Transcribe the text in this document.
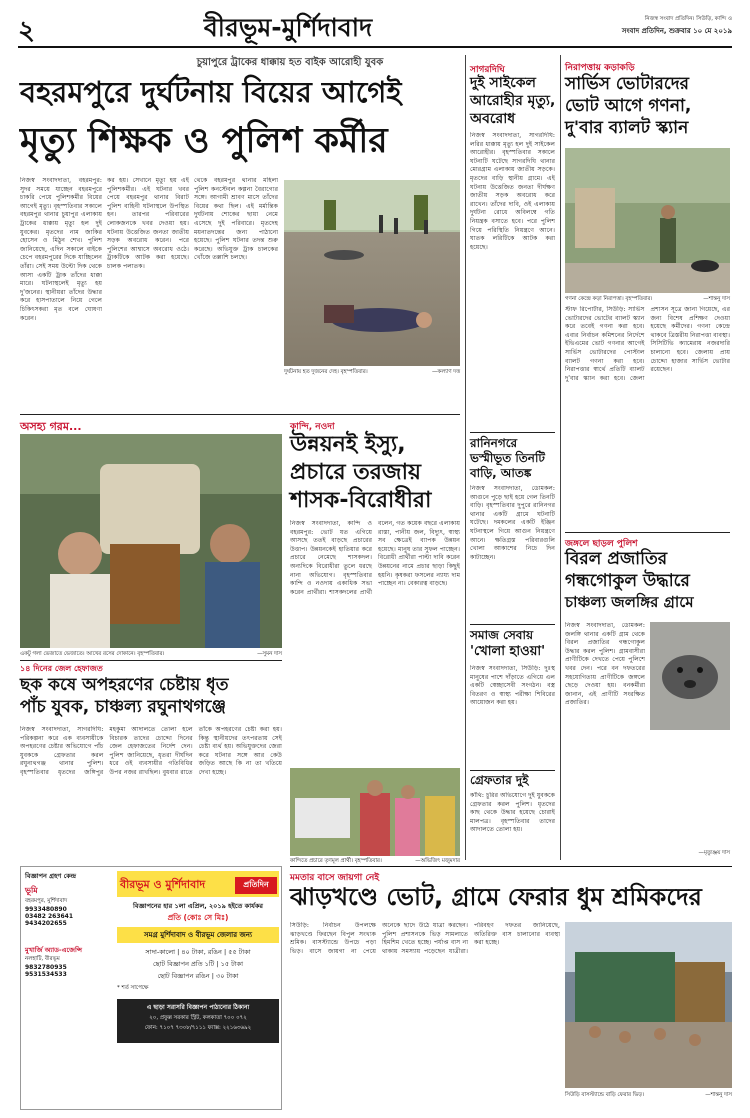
২	বীরভূম-মুর্শিদাবাদ	নিজস্ব সংবাদ প্রতিদিন। সিউড়ি, কান্দি ও
সংবাদ প্রতিদিন, শুক্রবার ১০ মে ২০১৯
চুয়াপুরে ট্রাকের ধাক্কায় হত বাইক আরোহী যুবক
বহরমপুরে দুর্ঘটনায় বিয়ের আগেই
মৃত্যু শিক্ষক ও পুলিশ কর্মীর
নিজস্ব সংবাদদাতা, বহরমপুর: সুদর সময়ে যাচ্ছেন বহরমপুরে চাকরি পেয়ে পুলিশকর্মীর বিয়ের আগেই মৃত্যু। বৃহস্পতিবার সকালে বহরমপুর থানার চুয়াপুর এলাকায় ট্রাকের ধাক্কায় মৃত্যু হল দুই যুবকের। মৃতদের নাম জাকির হোসেন ও মিঠুন শেখ। পুলিশ জানিয়েছে, এদিন সকালে বাইকে চেপে বহরমপুরের দিকে যাচ্ছিলেন তাঁরা। সেই সময় উল্টো দিক থেকে আসা একটি ট্রাক তাঁদের ধাক্কা মারে। ঘটনাস্থলেই মৃত্যু হয় দু'জনের। স্থানীয়রা তাঁদের উদ্ধার করে হাসপাতালে নিয়ে গেলে চিকিৎসকরা মৃত বলে ঘোষণা করেন।
কর হয়। সেখানে মৃত্যু হয় এই পুলিশকর্মীর। এই ঘটনার খবর পেয়ে বহরমপুর থানার বিরাট পুলিশ বাহিনী ঘটনাস্থলে উপস্থিত হন। তারপর পরিবারের লোকজনকে খবর দেওয়া হয়। ঘটনায় উত্তেজিত জনতা জাতীয় সড়ক অবরোধ করেন। পরে পুলিশের আশ্বাসে অবরোধ ওঠে। ট্রাকটিকে আটক করা হয়েছে। চালক পলাতক।
থেকে বহরমপুর থানার মহিলা পুলিশ কনস্টেবল কল্পনা বৈরাগ্যের সঙ্গে। আগামী শ্রাবণ মাসে তাঁদের বিয়ের কথা ছিল। এই মর্মান্তিক দুর্ঘটনায় শোকের ছায়া নেমে এসেছে দুই পরিবারে। মৃতদেহ ময়নাতদন্তের জন্য পাঠানো হয়েছে। পুলিশ ঘটনার তদন্ত শুরু করেছে। অভিযুক্ত ট্রাক চালকের খোঁজে তল্লাশি চলছে।
দুর্ঘটনায় হত দুজনের দেহ। বৃহস্পতিবার।	—কল্যাণ দত্ত
অসহ্য গরম...
একটু গলা ভেজাতে ভেজাতে। আখের রসের দোকানে। বৃহস্পতিবার।	—সুমন দাস
কান্দি, নওদা
উন্নয়নই ইস্যু,
প্রচারে তরজায়
শাসক-বিরোধীরা
নিজস্ব সংবাদদাতা, কান্দি ও বহরমপুর: ভোট যত এগিয়ে আসছে ততই বাড়ছে প্রচারের উত্তাপ। উন্নয়নকেই হাতিয়ার করে প্রচারে নেমেছে শাসকদল। অন্যদিকে বিরোধীরা তুলে ধরছে নানা অভিযোগ। বৃহস্পতিবার কান্দি ও নওদায় একাধিক সভা করেন প্রার্থীরা। শাসকদলের প্রার্থী বলেন, গত কয়েক বছরে এলাকায় রাস্তা, পানীয় জল, বিদ্যুৎ, স্বাস্থ্য সব ক্ষেত্রেই ব্যাপক উন্নয়ন হয়েছে। মানুষ তার সুফল পাচ্ছেন। বিরোধী প্রার্থীরা পাল্টা দাবি করেন উন্নয়নের নামে প্রচার ছাড়া কিছুই হয়নি। কৃষকরা ফসলের ন্যায্য দাম পাচ্ছেন না। বেকারত্ব বাড়ছে।
কান্দিতে প্রচারে তৃণমূল প্রার্থী। বৃহস্পতিবার।	—অভিজিৎ মজুমদার
১৪ দিনের জেল হেফাজত
ছক কষে অপহরণের চেষ্টায় ধৃত
পাঁচ যুবক, চাঞ্চল্য রঘুনাথগঞ্জে
নিজস্ব সংবাদদাতা, সাগরদিঘি: পরিকল্পনা করে এক ব্যবসায়ীকে অপহরণের চেষ্টার অভিযোগে পাঁচ যুবককে গ্রেফতার করল রঘুনাথগঞ্জ থানার পুলিশ। বৃহস্পতিবার ধৃতদের জঙ্গিপুর মহকুমা আদালতে তোলা হলে বিচারক তাদের চোদ্দো দিনের জেল হেফাজতের নির্দেশ দেন। পুলিশ জানিয়েছে, ধৃতরা দীর্ঘদিন ধরে ওই ব্যবসায়ীর গতিবিধির উপর নজর রাখছিল। বুধবার রাতে তাঁকে অপহরণের চেষ্টা করা হয়। কিন্তু স্থানীয়দের তৎপরতায় সেই চেষ্টা ব্যর্থ হয়। অভিযুক্তদের জেরা করে ঘটনার সঙ্গে আর কেউ জড়িত আছে কি না তা খতিয়ে দেখা হচ্ছে।
সাগরদিঘি
দুই সাইকেল
আরোহীর মৃত্যু,
অবরোধ
নিজস্ব সংবাদদাতা, সাগরদিঘি: লরির ধাক্কায় মৃত্যু হল দুই সাইকেল আরোহীর। বৃহস্পতিবার সকালে ঘটনাটি ঘটেছে সাগরদিঘি থানার মোরগ্রাম এলাকায় জাতীয় সড়কে। মৃতদের বাড়ি স্থানীয় গ্রামে। এই ঘটনায় উত্তেজিত জনতা দীর্ঘক্ষণ জাতীয় সড়ক অবরোধ করে রাখেন। তাঁদের দাবি, ওই এলাকায় দুর্ঘটনা রোধে অবিলম্বে গতি নিয়ন্ত্রক বসাতে হবে। পরে পুলিশ গিয়ে পরিস্থিতি নিয়ন্ত্রণে আনে। ঘাতক লরিটিকে আটক করা হয়েছে।
রানিনগরে
ভস্মীভূত তিনটি
বাড়ি, আতঙ্ক
নিজস্ব সংবাদদাতা, ডোমকল: আগুনে পুড়ে ছাই হয়ে গেল তিনটি বাড়ি। বৃহস্পতিবার দুপুরে রানিনগর থানার একটি গ্রামে ঘটনাটি ঘটেছে। দমকলের একটি ইঞ্জিন ঘটনাস্থলে গিয়ে আগুন নিয়ন্ত্রণে আনে। ক্ষতিগ্রস্ত পরিবারগুলি খোলা আকাশের নিচে দিন কাটাচ্ছেন।
সমাজ সেবায়
'খোলা হাওয়া'
নিজস্ব সংবাদদাতা, সিউড়ি: দুঃস্থ মানুষের পাশে দাঁড়াতে এগিয়ে এল একটি স্বেচ্ছাসেবী সংগঠন। বস্ত্র বিতরণ ও স্বাস্থ্য পরীক্ষা শিবিরের আয়োজন করা হয়।
গ্রেফতার দুই
কাঁথি: চুরির অভিযোগে দুই যুবককে গ্রেফতার করল পুলিশ। ধৃতদের কাছ থেকে উদ্ধার হয়েছে চোরাই মালপত্র। বৃহস্পতিবার তাদের আদালতে তোলা হয়।
নিরাপত্তায় কড়াকড়ি
সার্ভিস ভোটারদের
ভোট আগে গণনা,
দু'বার ব্যালট স্ক্যান
গণনা কেন্দ্রে কড়া নিরাপত্তা। বৃহস্পতিবার।	—শান্তনু দাস
স্টাফ রিপোর্টার, সিউড়ি: সার্ভিস ভোটারদের ভোটের ব্যালট স্ক্যান করে তবেই গণনা করা হবে। এবার নির্বাচন কমিশনের নির্দেশে ইভিএমের ভোট গণনার আগেই সার্ভিস ভোটারদের পোস্টাল ব্যালট গণনা করা হবে। নিরাপত্তার স্বার্থে প্রতিটি ব্যালট দু'বার স্ক্যান করা হবে। জেলা প্রশাসন সূত্রে জানা গিয়েছে, এর জন্য বিশেষ প্রশিক্ষণ দেওয়া হয়েছে কর্মীদের। গণনা কেন্দ্রে থাকবে ত্রিস্তরীয় নিরাপত্তা ব্যবস্থা। সিসিটিভি ক্যামেরায় নজরদারি চালানো হবে। জেলায় প্রায় চোদ্দো হাজার সার্ভিস ভোটার রয়েছেন।
জঙ্গলে ছাড়ল পুলিশ
বিরল প্রজাতির
গন্ধগোকুল উদ্ধারে
চাঞ্চল্য জলঙ্গির গ্রামে
নিজস্ব সংবাদদাতা, ডোমকল: জলঙ্গি থানার একটি গ্রাম থেকে বিরল প্রজাতির গন্ধগোকুল উদ্ধার করল পুলিশ। গ্রামবাসীরা প্রাণীটিকে দেখতে পেয়ে পুলিশে খবর দেন। পরে বন দফতরের সহযোগিতায় প্রাণীটিকে জঙ্গলে ছেড়ে দেওয়া হয়। বনকর্মীরা জানান, এই প্রাণীটি সংরক্ষিত প্রজাতির।
—মৃত্যুঞ্জয় দাস
মমতার বাসে জায়গা নেই
ঝাড়খণ্ডে ভোট, গ্রামে ফেরার ধুম শ্রমিকদের
সিউড়ি: নির্বাচন উপলক্ষে ঝাড়খণ্ডে ফিরছেন বিপুল সংখ্যক শ্রমিক। বাসস্ট্যান্ডে উপচে পড়া ভিড়। বাসে জায়গা না পেয়ে অনেকে ছাদে উঠে যাত্রা করছেন। পুলিশ প্রশাসনকে ভিড় সামলাতে হিমশিম খেতে হচ্ছে। পর্যাপ্ত বাস না থাকায় সমস্যায় পড়েছেন যাত্রীরা। পরিবহণ দফতর জানিয়েছে, অতিরিক্ত বাস চালানোর ব্যবস্থা করা হচ্ছে।
সিউড়ি বাসস্ট্যান্ডে বাড়ি ফেরার ভিড়।	—শান্তনু দাস
বিজ্ঞাপন গ্রহণ কেন্দ্র
ভূমি
বহরমপুর, মুর্শিদাবাদ
9933480890
03482 263641
9434202655
মুখার্জি অ্যাড-এজেন্সি
নলহাটি, বীরভূম
9832780935
9531534533
বীরভূম ও মুর্শিদাবাদ	প্রতিদিন
বিজ্ঞাপনের হার ১লা এপ্রিল, ২০১৯ হইতে কার্যকর
প্রতি (কোঃ সে মিঃ)
সমগ্র মুর্শিদাবাদ ও বীরভূম জেলার জন্য
সাদা-কালো | ৪০ টাকা, রঙিন | ৫৫ টাকা
ছোট বিজ্ঞাপন প্রতি ১টি | ১৫ টাকা
ছোট বিজ্ঞাপন রঙিন | ৩০ টাকা
* শর্ত সাপেক্ষে
এ ছাড়া সরাসরি বিজ্ঞাপন পাঠানোর ঠিকানা
২০, প্রফুল্ল সরকার স্ট্রিট, কলকাতা ৭০০ ০৭২
ফোন: ৭১০৭ ৭৩০৮/৭১১১ ফ্যাক্স: ২২১৬৩৬৯২
